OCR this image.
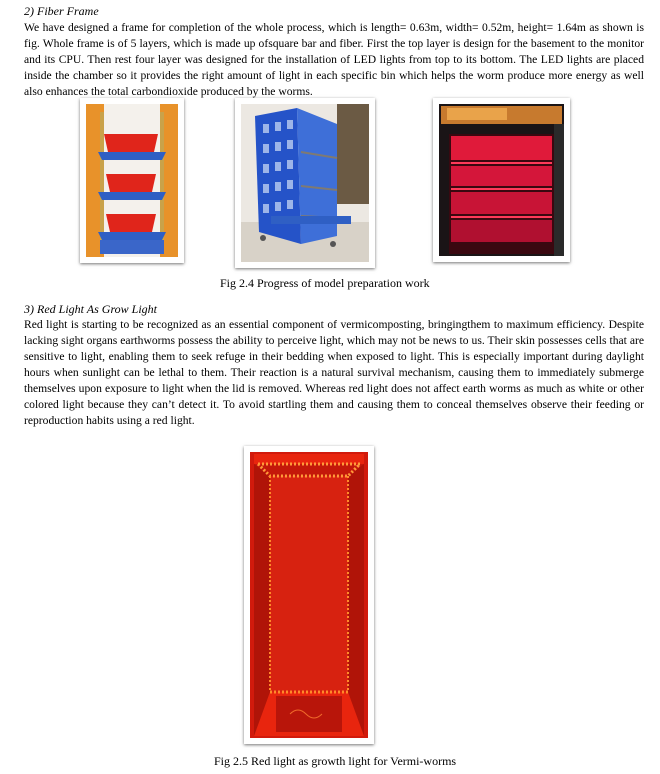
2) Fiber Frame

We have designed a frame for completion of the whole process, which is length= 0.63m, width= 0.52m, height= 1.64m as shown is fig. Whole frame is of 5 layers, which is made up ofsquare bar and fiber. First the top layer is design for the basement to the monitor and its CPU. Then rest four layer was designed for the installation of LED lights from top to its bottom. The LED lights are placed inside the chamber so it provides the right amount of light in each specific bin which helps the worm produce more energy as well also enhances the total carbondioxide produced by the worms.

Fig 2.4 Progress of model preparation work
3) Red Light As Grow Light

Red light is starting to be recognized as an essential component of vermicomposting, bringingthem to maximum efficiency. Despite lacking sight organs earthworms possess the ability to perceive light, which may not be news to us. Their skin possesses cells that are sensitive to light, enabling them to seek refuge in their bedding when exposed to light. This is especially important during daylight hours when sunlight can be lethal to them. Their reaction is a natural survival mechanism, causing them to immediately submerge themselves upon exposure to light when the lid is removed. Whereas red light does not affect earth worms as much as white or other colored light because they can’t detect it. To avoid startling them and causing them to conceal themselves observe their feeding or reproduction habits using a red light.

Fig 2.5 Red light as growth light for Vermi-worms
